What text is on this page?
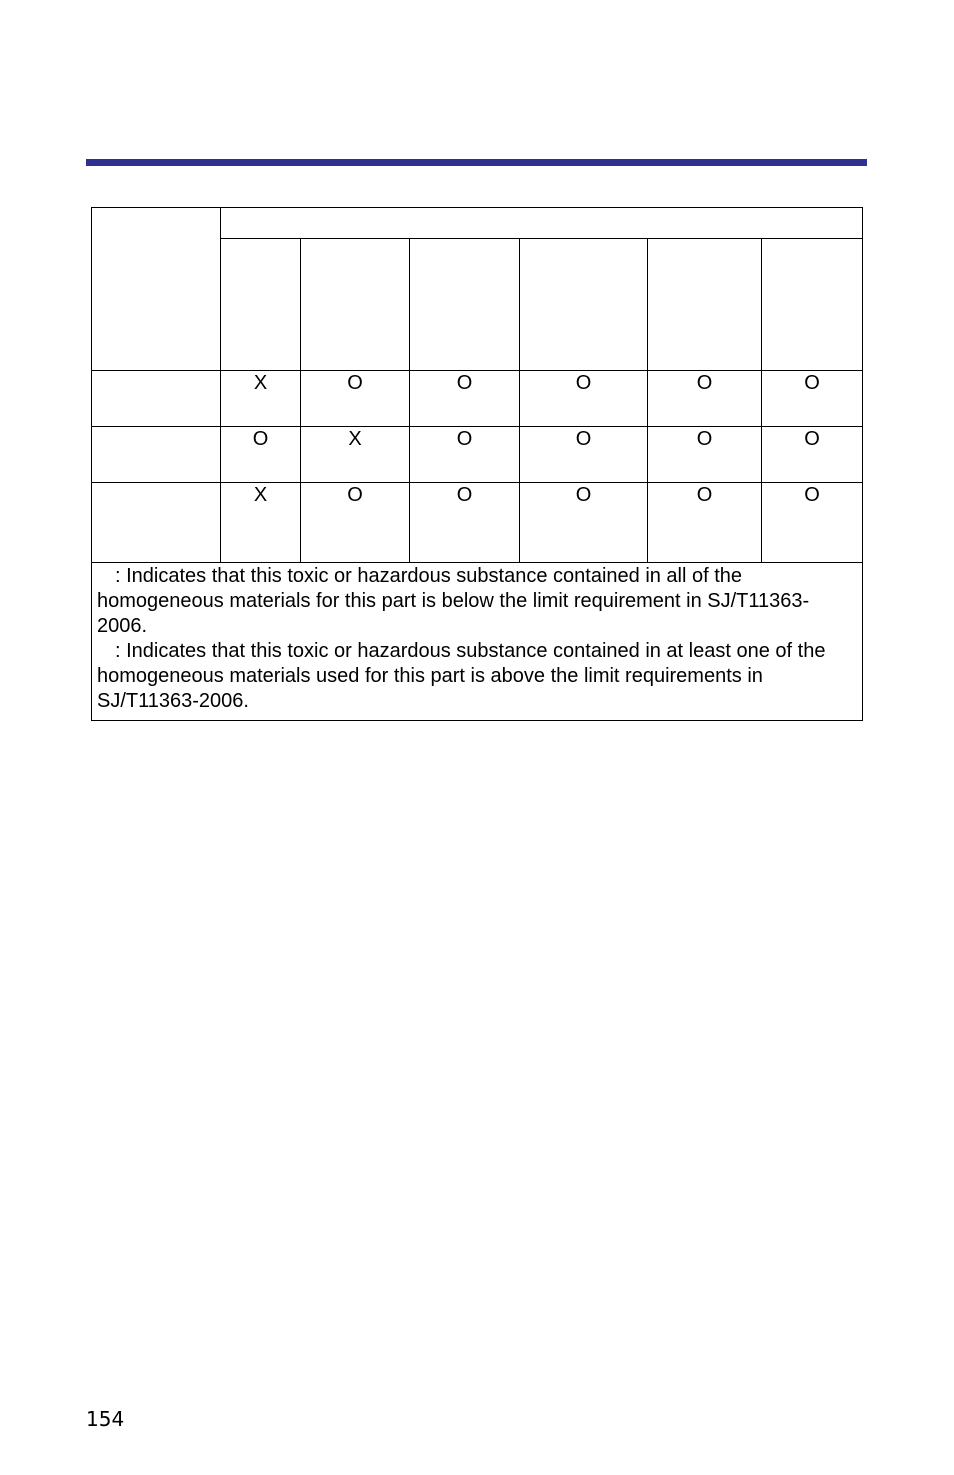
	X	O	O	O	O	O
	O	X	O	O	O	O
	X	O	O	O	O	O

: Indicates that this toxic or hazardous substance contained in all of the homogeneous materials for this part is below the limit requirement in SJ/T11363-2006.
: Indicates that this toxic or hazardous substance contained in at least one of the homogeneous materials used for this part is above the limit requirements in SJ/T11363-2006.						
154
